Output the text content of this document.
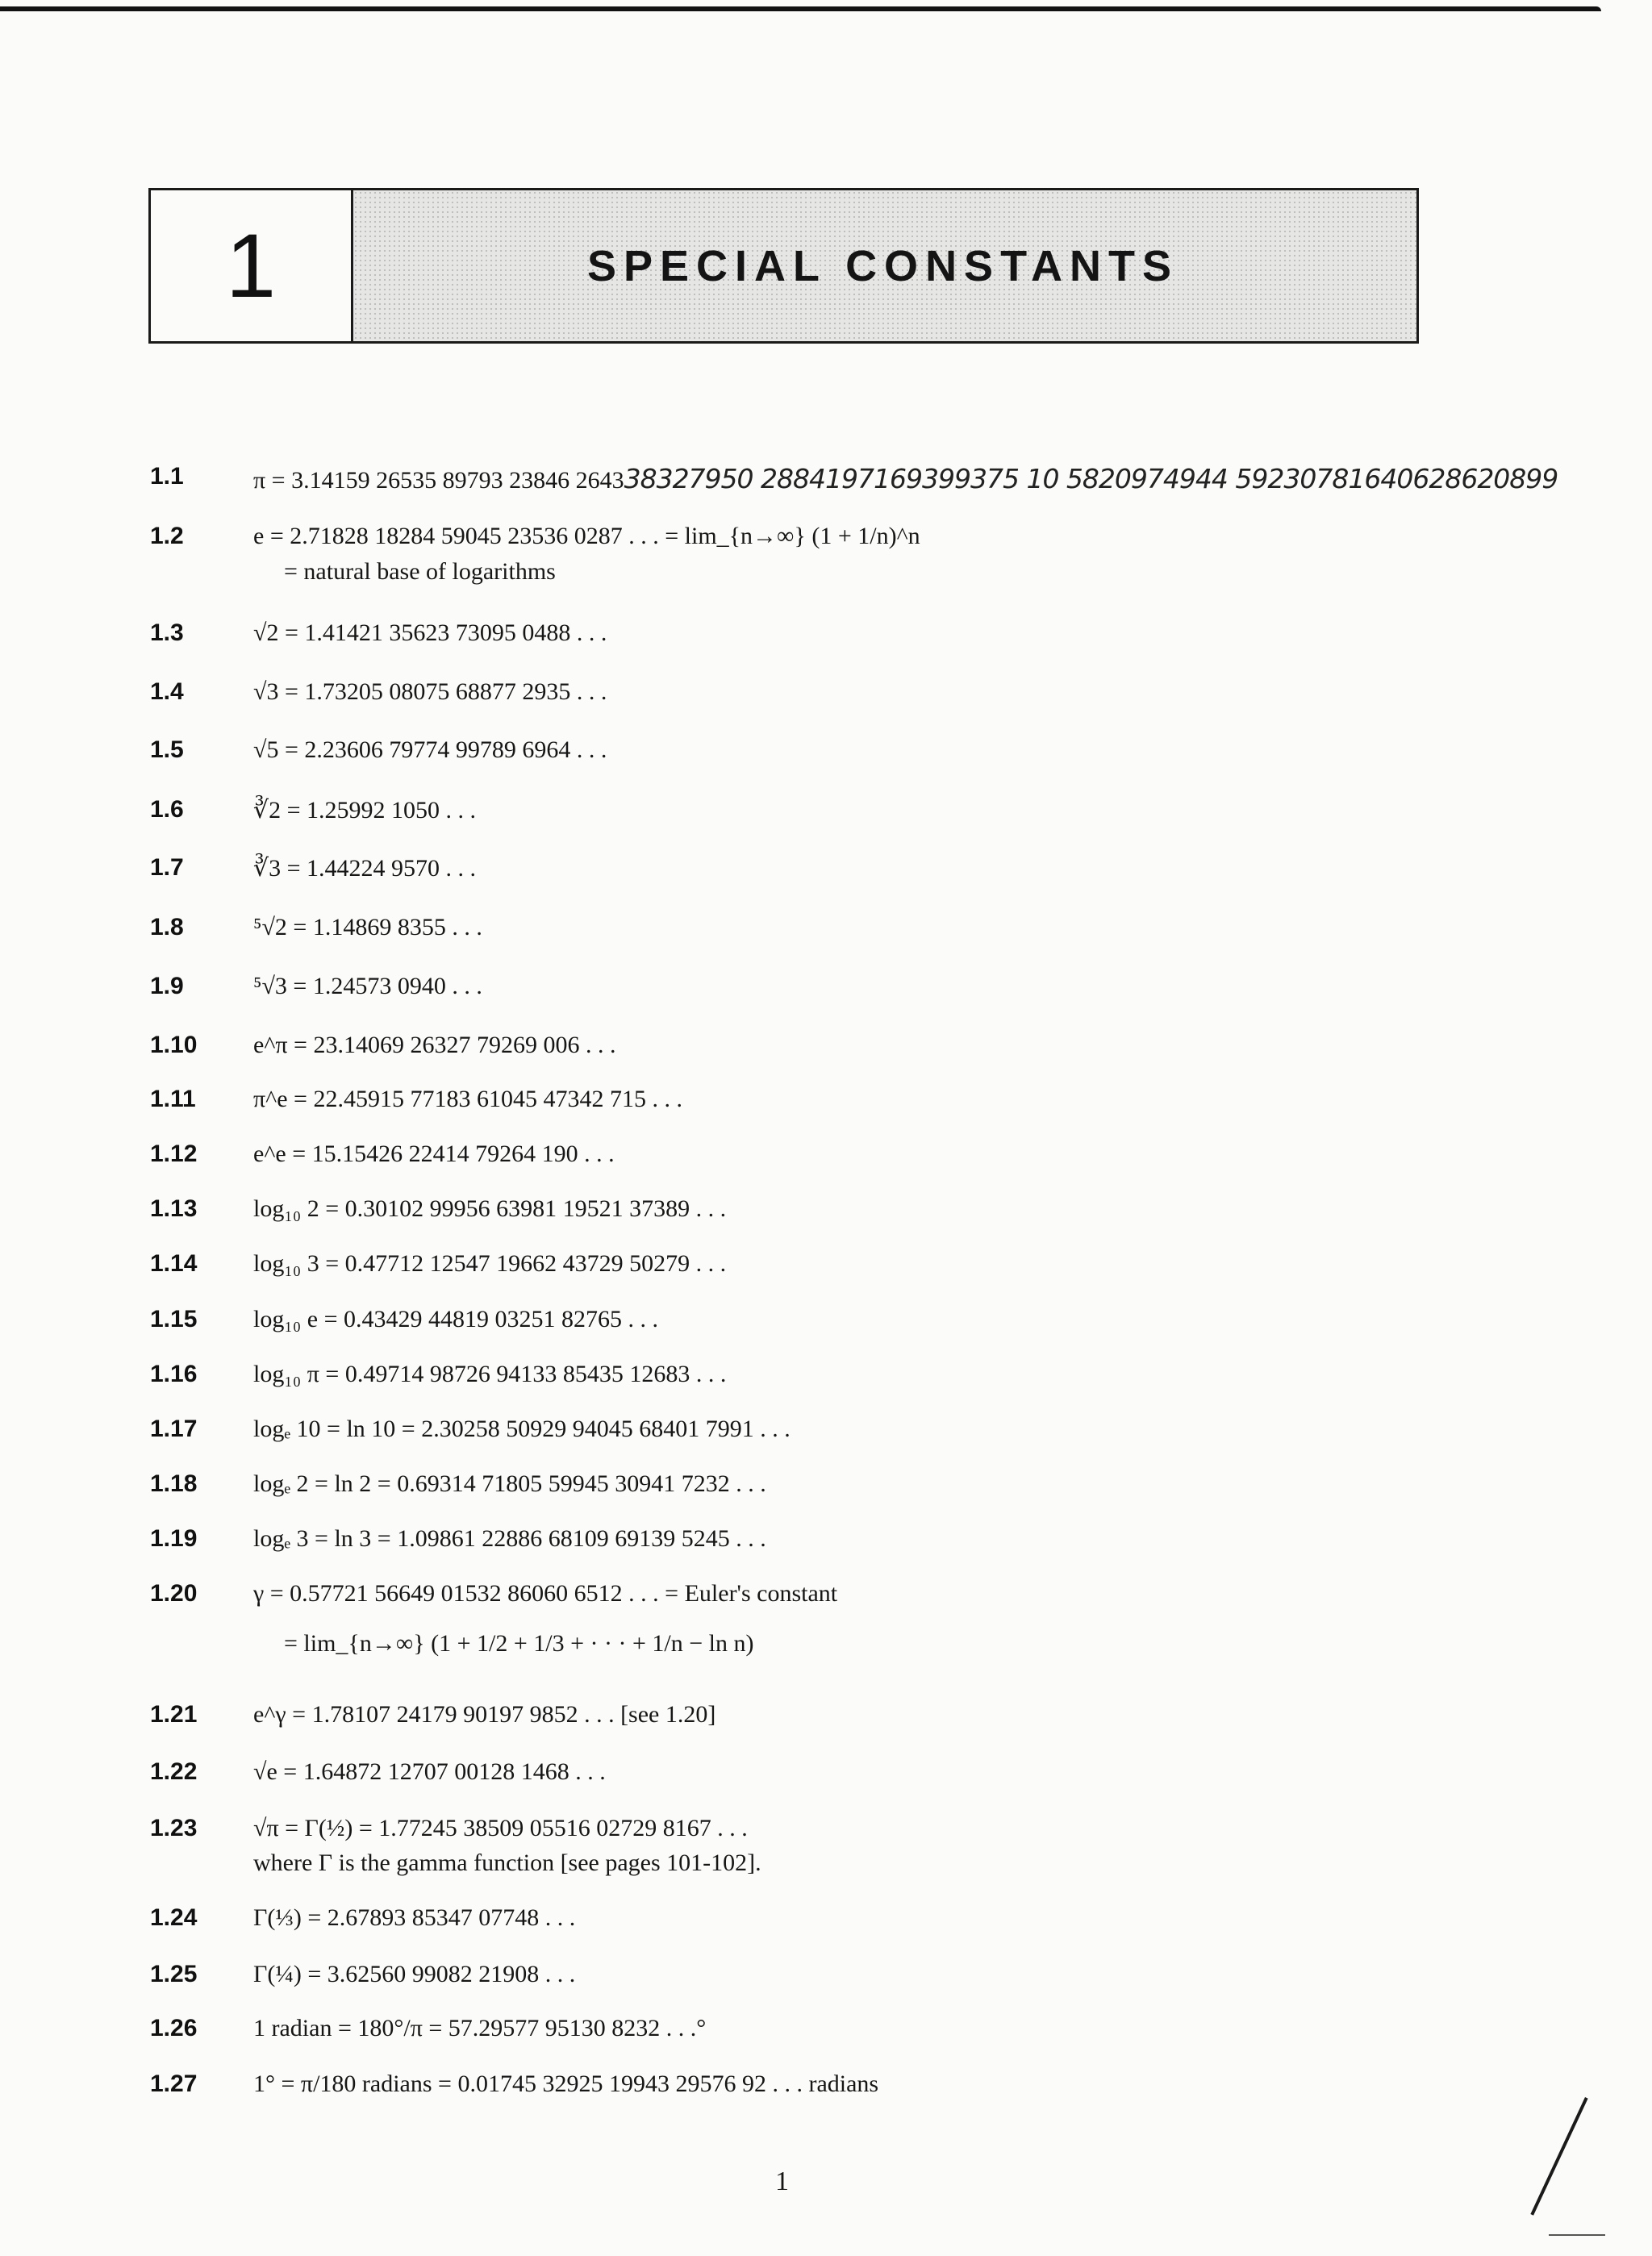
1	SPECIAL CONSTANTS
1.1	π = 3.14159 26535 89793 23846 264338327950 2884197169399375 10 5820974944 59230781640628620899
1.2	e = 2.71828 18284 59045 23536 0287 . . . = lim_{n→∞} (1 + 1/n)^n
= natural base of logarithms
1.3	√2 = 1.41421 35623 73095 0488 . . .
1.4	√3 = 1.73205 08075 68877 2935 . . .
1.5	√5 = 2.23606 79774 99789 6964 . . .
1.6	∛2 = 1.25992 1050 . . .
1.7	∛3 = 1.44224 9570 . . .
1.8	⁵√2 = 1.14869 8355 . . .
1.9	⁵√3 = 1.24573 0940 . . .
1.10 e^π = 23.14069 26327 79269 006 . . .
1.11 π^e = 22.45915 77183 61045 47342 715 . . .
1.12 e^e = 15.15426 22414 79264 190 . . .
1.13 log₁₀ 2 = 0.30102 99956 63981 19521 37389 . . .
1.14 log₁₀ 3 = 0.47712 12547 19662 43729 50279 . . .
1.15 log₁₀ e = 0.43429 44819 03251 82765 . . .
1.16 log₁₀ π = 0.49714 98726 94133 85435 12683 . . .
1.17 logₑ 10 = ln 10 = 2.30258 50929 94045 68401 7991 . . .
1.18 logₑ 2 = ln 2 = 0.69314 71805 59945 30941 7232 . . .
1.19 logₑ 3 = ln 3 = 1.09861 22886 68109 69139 5245 . . .
1.20 γ = 0.57721 56649 01532 86060 6512 . . . = Euler's constant
= lim_{n→∞} (1 + 1/2 + 1/3 + · · · + 1/n − ln n)
1.21 e^γ = 1.78107 24179 90197 9852 . . . [see 1.20]
1.22 √e = 1.64872 12707 00128 1468 . . .
1.23 √π = Γ(½) = 1.77245 38509 05516 02729 8167 . . .
where Γ is the gamma function [see pages 101-102].
1.24 Γ(⅓) = 2.67893 85347 07748 . . .
1.25 Γ(¼) = 3.62560 99082 21908 . . .
1.26 1 radian = 180°/π = 57.29577 95130 8232 . . .°
1.27 1° = π/180 radians = 0.01745 32925 19943 29576 92 . . . radians
1
